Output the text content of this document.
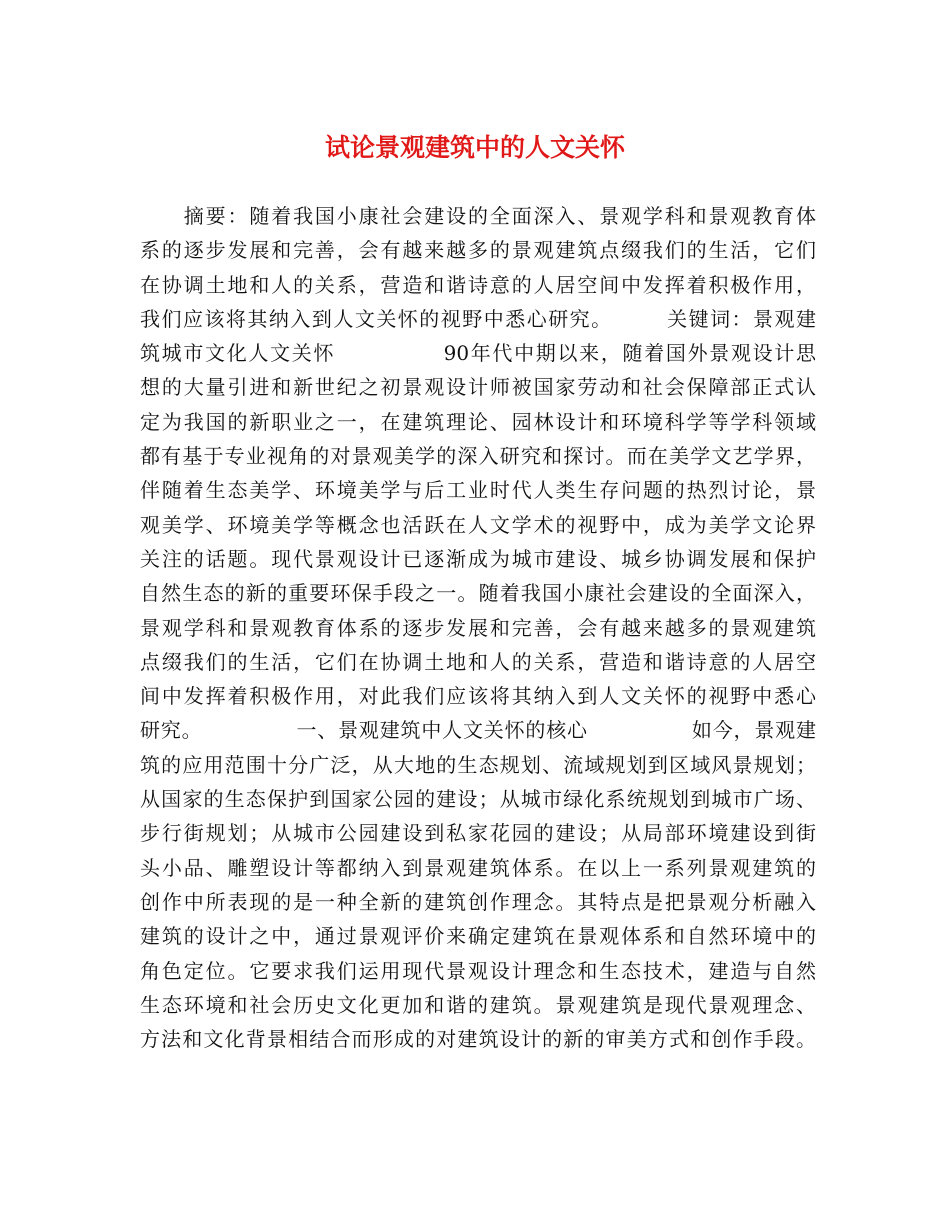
试论景观建筑中的人文关怀
　　摘要：随着我国小康社会建设的全面深入、景观学科和景观教育体
系的逐步发展和完善，会有越来越多的景观建筑点缀我们的生活，它们
在协调土地和人的关系，营造和谐诗意的人居空间中发挥着积极作用，
我们应该将其纳入到人文关怀的视野中悉心研究。　　　关键词：景观建
筑城市文化人文关怀　　　　　90年代中期以来，随着国外景观设计思
想的大量引进和新世纪之初景观设计师被国家劳动和社会保障部正式认
定为我国的新职业之一，在建筑理论、园林设计和环境科学等学科领域
都有基于专业视角的对景观美学的深入研究和探讨。而在美学文艺学界，
伴随着生态美学、环境美学与后工业时代人类生存问题的热烈讨论，景
观美学、环境美学等概念也活跃在人文学术的视野中，成为美学文论界
关注的话题。现代景观设计已逐渐成为城市建设、城乡协调发展和保护
自然生态的新的重要环保手段之一。随着我国小康社会建设的全面深入，
景观学科和景观教育体系的逐步发展和完善，会有越来越多的景观建筑
点缀我们的生活，它们在协调土地和人的关系，营造和谐诗意的人居空
间中发挥着积极作用，对此我们应该将其纳入到人文关怀的视野中悉心
研究。　　　　　一、景观建筑中人文关怀的核心　　　　　如今，景观建
筑的应用范围十分广泛，从大地的生态规划、流域规划到区域风景规划；
从国家的生态保护到国家公园的建设；从城市绿化系统规划到城市广场、
步行街规划；从城市公园建设到私家花园的建设；从局部环境建设到街
头小品、雕塑设计等都纳入到景观建筑体系。在以上一系列景观建筑的
创作中所表现的是一种全新的建筑创作理念。其特点是把景观分析融入
建筑的设计之中，通过景观评价来确定建筑在景观体系和自然环境中的
角色定位。它要求我们运用现代景观设计理念和生态技术，建造与自然
生态环境和社会历史文化更加和谐的建筑。景观建筑是现代景观理念、
方法和文化背景相结合而形成的对建筑设计的新的审美方式和创作手段。
